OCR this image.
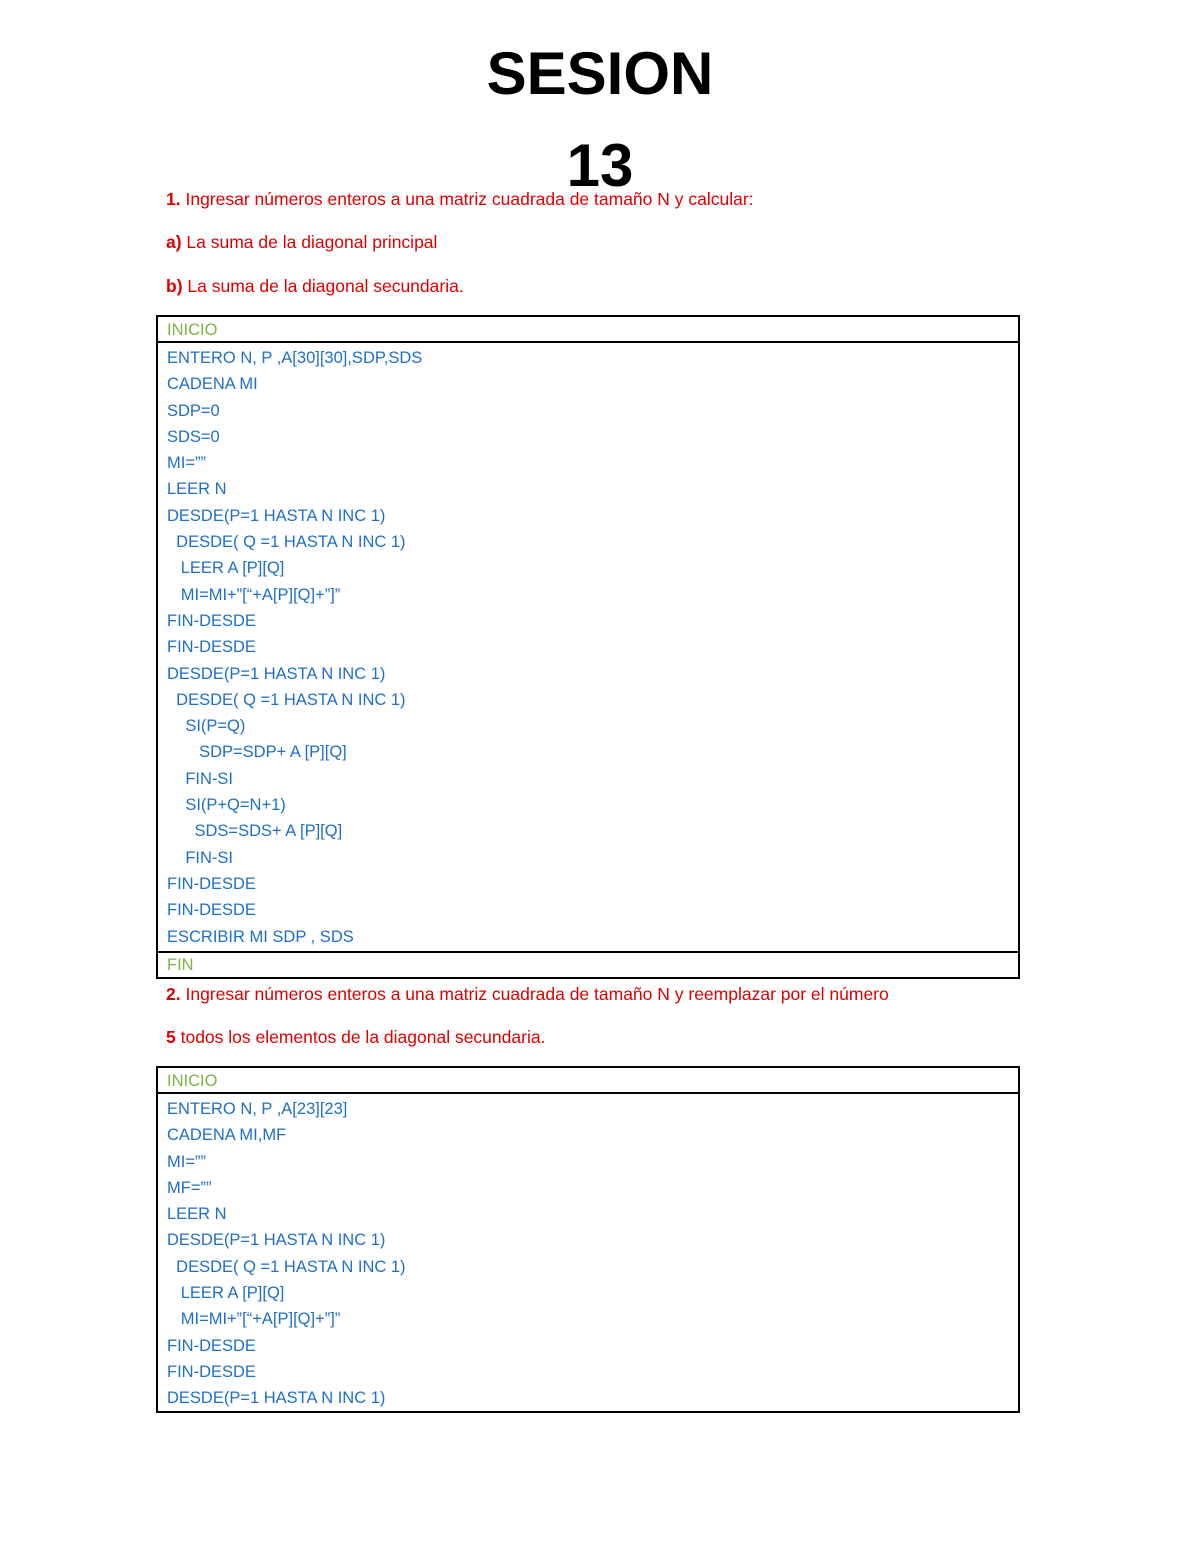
SESION
13
1. Ingresar números enteros a una matriz cuadrada de tamaño N y calcular:
a) La suma de la diagonal principal
b) La suma de la diagonal secundaria.
INICIO
ENTERO N, P ,A[30][30],SDP,SDS
CADENA MI
SDP=0
SDS=0
MI=””
LEER N
DESDE(P=1 HASTA N INC 1)
DESDE( Q =1 HASTA N INC 1)
LEER A [P][Q]
MI=MI+”[“+A[P][Q]+”]”
FIN-DESDE
FIN-DESDE
DESDE(P=1 HASTA N INC 1)
DESDE( Q =1 HASTA N INC 1)
SI(P=Q)
SDP=SDP+ A [P][Q]
FIN-SI
SI(P+Q=N+1)
SDS=SDS+ A [P][Q]
FIN-SI
FIN-DESDE
FIN-DESDE
ESCRIBIR MI SDP , SDS
FIN
2. Ingresar números enteros a una matriz cuadrada de tamaño N y reemplazar por el número
5 todos los elementos de la diagonal secundaria.
INICIO
ENTERO N, P ,A[23][23]
CADENA MI,MF
MI=””
MF=””
LEER N
DESDE(P=1 HASTA N INC 1)
DESDE( Q =1 HASTA N INC 1)
LEER A [P][Q]
MI=MI+”[“+A[P][Q]+”]”
FIN-DESDE
FIN-DESDE
DESDE(P=1 HASTA N INC 1)
